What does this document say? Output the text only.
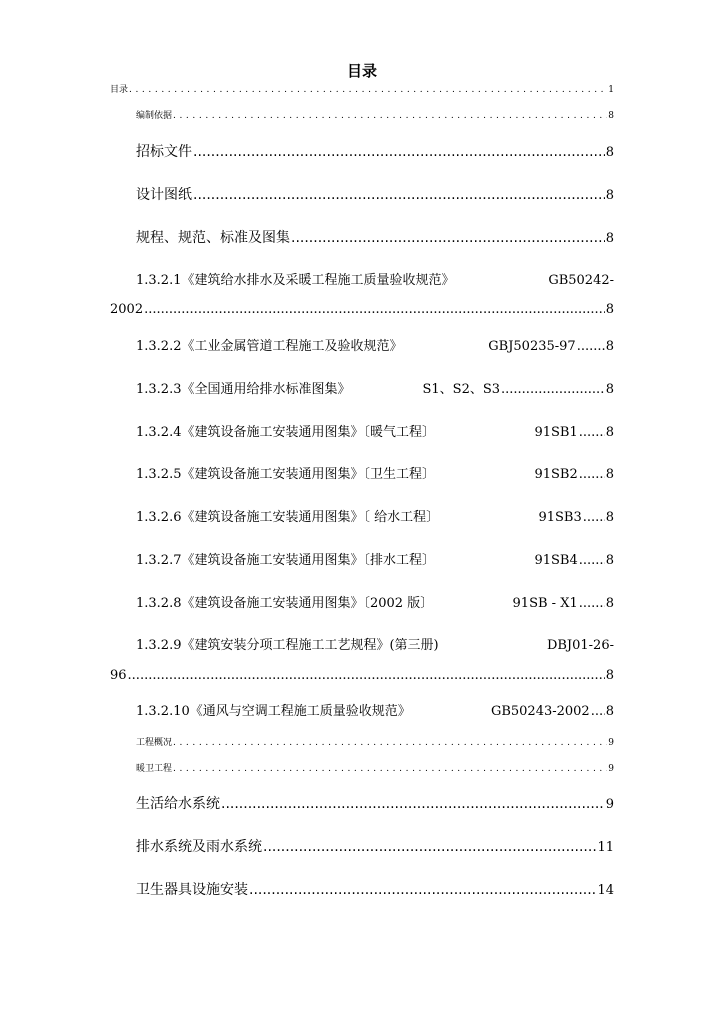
目录
目录 .....	1
编制依据 .....	8
招标文件 .....	8
设计图纸 .....	8
规程、规范、标准及图集 .....	8
1.3.2.1《建筑给水排水及采暖工程施工质量验收规范》	GB50242-
2002 .....	8
1.3.2.2《工业金属管道工程施工及验收规范》	GBJ50235-97 ..... 8
1.3.2.3《全国通用给排水标准图集》	S1、S2、S3 .....	8
1.3.2.4《建筑设备施工安装通用图集》〔暖气工程〕	91SB1 ..... 8
1.3.2.5《建筑设备施工安装通用图集》〔卫生工程〕	91SB2 ..... 8
1.3.2.6《建筑设备施工安装通用图集》〔 给水工程〕	91SB3 ..... 8
1.3.2.7《建筑设备施工安装通用图集》〔排水工程〕	91SB4 ..... 8
1.3.2.8《建筑设备施工安装通用图集》〔2002 版〕	91SB - X1 ..... 8
1.3.2.9《建筑安装分项工程施工工艺规程》(第三册)	DBJ01-26-
96 .....	8
1.3.2.10《通风与空调工程施工质量验收规范》	GB50243-2002 ..... 8
工程概况 .....	9
暖卫工程 .....	9
生活给水系统 .....	9
排水系统及雨水系统 .....	11
卫生器具设施安装 .....	14
